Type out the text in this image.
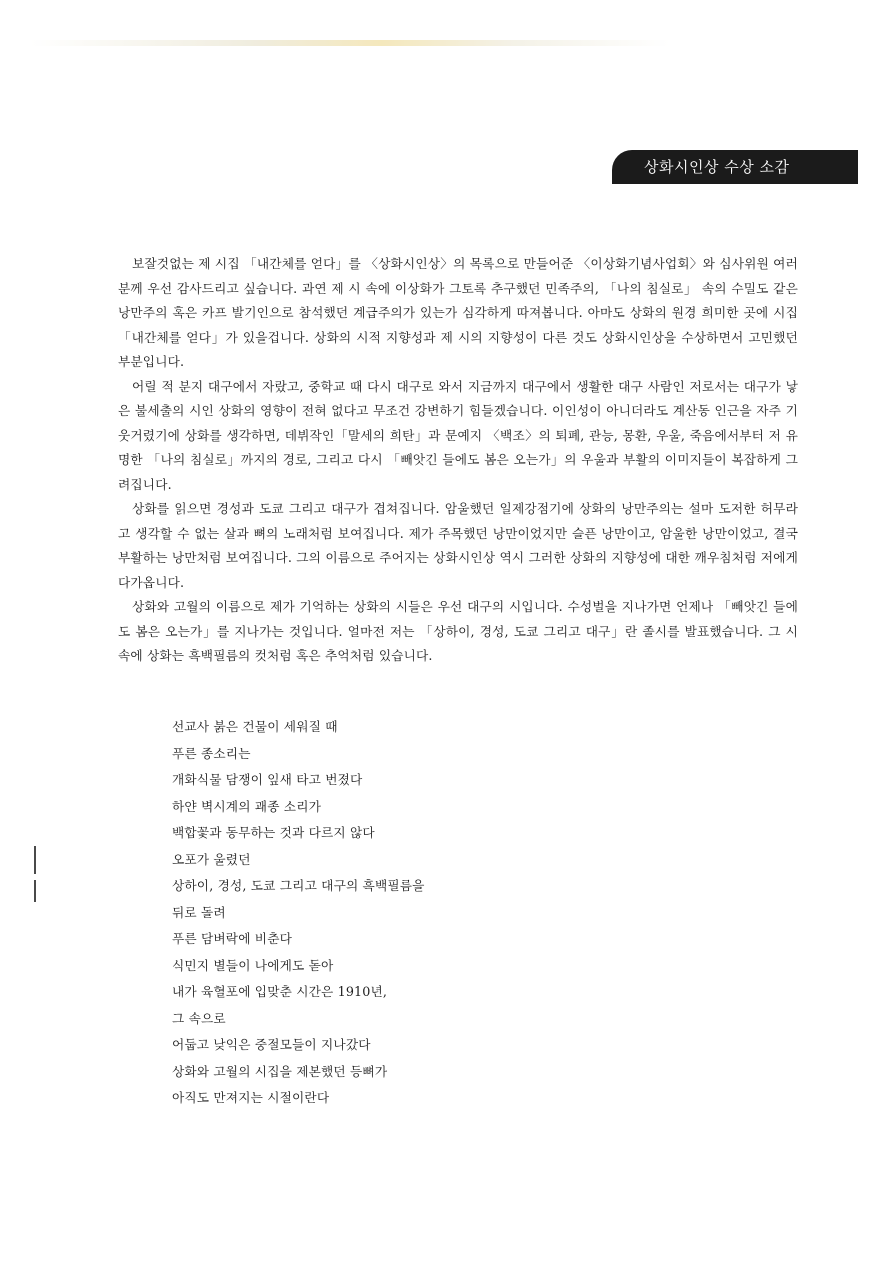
상화시인상 수상 소감

보잘것없는 제 시집 「내간체를 얻다」를 〈상화시인상〉의 목록으로 만들어준 〈이상화기념사업회〉와 심사위원 여러분께 우선 감사드리고 싶습니다. 과연 제 시 속에 이상화가 그토록 추구했던 민족주의, 「나의 침실로」 속의 수밀도 같은 낭만주의 혹은 카프 발기인으로 참석했던 계급주의가 있는가 심각하게 따져봅니다. 아마도 상화의 원경 희미한 곳에 시집 「내간체를 얻다」가 있을겁니다. 상화의 시적 지향성과 제 시의 지향성이 다른 것도 상화시인상을 수상하면서 고민했던 부분입니다.

어릴 적 분지 대구에서 자랐고, 중학교 때 다시 대구로 와서 지금까지 대구에서 생활한 대구 사람인 저로서는 대구가 낳은 불세출의 시인 상화의 영향이 전혀 없다고 무조건 강변하기 힘들겠습니다. 이인성이 아니더라도 계산동 인근을 자주 기웃거렸기에 상화를 생각하면, 데뷔작인「말세의 희탄」과 문예지 〈백조〉의 퇴폐, 관능, 몽환, 우울, 죽음에서부터 저 유명한 「나의 침실로」까지의 경로, 그리고 다시 「빼앗긴 들에도 봄은 오는가」의 우울과 부활의 이미지들이 복잡하게 그려집니다.

상화를 읽으면 경성과 도쿄 그리고 대구가 겹쳐집니다. 암울했던 일제강점기에 상화의 낭만주의는 설마 도저한 허무라고 생각할 수 없는 살과 뼈의 노래처럼 보여집니다. 제가 주목했던 낭만이었지만 슬픈 낭만이고, 암울한 낭만이었고, 결국 부활하는 낭만처럼 보여집니다. 그의 이름으로 주어지는 상화시인상 역시 그러한 상화의 지향성에 대한 깨우침처럼 저에게 다가옵니다.

상화와 고월의 이름으로 제가 기억하는 상화의 시들은 우선 대구의 시입니다. 수성벌을 지나가면 언제나 「빼앗긴 들에도 봄은 오는가」를 지나가는 것입니다. 얼마전 저는 「상하이, 경성, 도쿄 그리고 대구」란 졸시를 발표했습니다. 그 시 속에 상화는 흑백필름의 컷처럼 혹은 추억처럼 있습니다.

선교사 붉은 건물이 세워질 때
푸른 종소리는
개화식물 담쟁이 잎새 타고 번졌다
하얀 벽시계의 괘종 소리가
백합꽃과 동무하는 것과 다르지 않다
오포가 울렸던
상하이, 경성, 도쿄 그리고 대구의 흑백필름을
뒤로 돌려
푸른 담벼락에 비춘다
식민지 별들이 나에게도 돋아
내가 육혈포에 입맞춘 시간은 1910년,
그 속으로
어둡고 낮익은 중절모들이 지나갔다
상화와 고월의 시집을 제본했던 등뼈가
아직도 만져지는 시절이란다
